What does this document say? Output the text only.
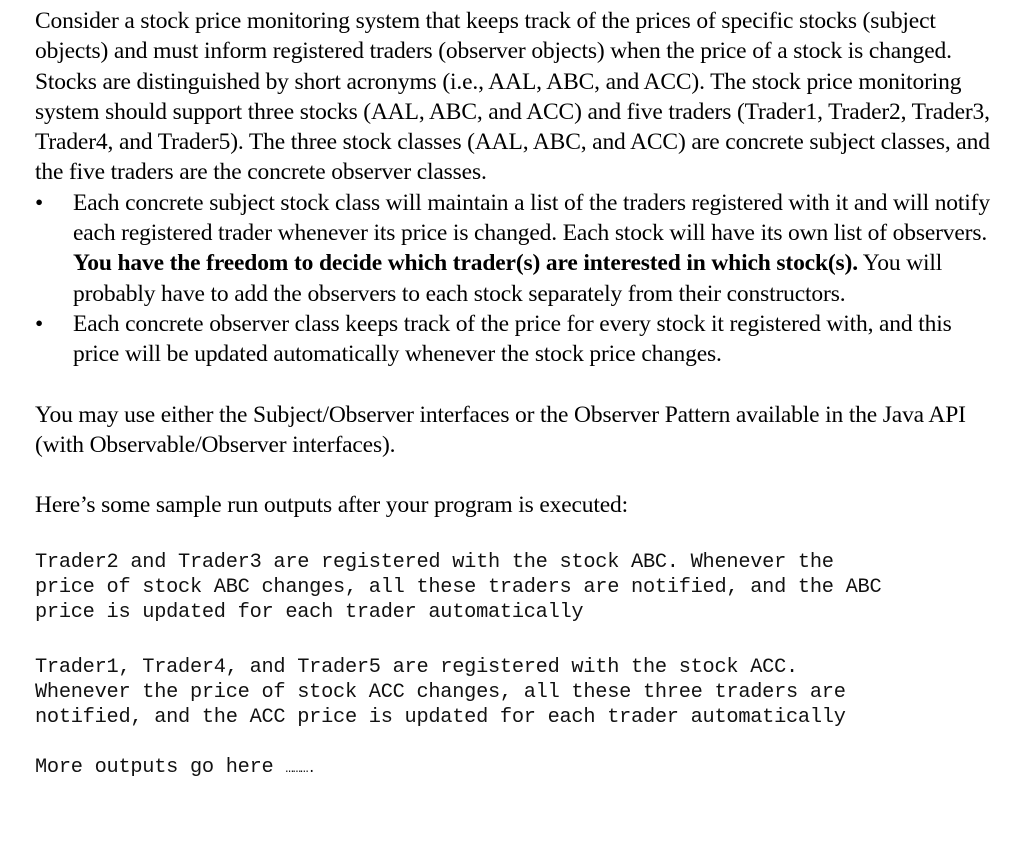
Consider a stock price monitoring system that keeps track of the prices of specific stocks (subject objects) and must inform registered traders (observer objects) when the price of a stock is changed. Stocks are distinguished by short acronyms (i.e., AAL, ABC, and ACC). The stock price monitoring system should support three stocks (AAL, ABC, and ACC) and five traders (Trader1, Trader2, Trader3, Trader4, and Trader5). The three stock classes (AAL, ABC, and ACC) are concrete subject classes, and the five traders are the concrete observer classes.

•	Each concrete subject stock class will maintain a list of the traders registered with it and will notify each registered trader whenever its price is changed. Each stock will have its own list of observers. You have the freedom to decide which trader(s) are interested in which stock(s). You will probably have to add the observers to each stock separately from their constructors.
•	Each concrete observer class keeps track of the price for every stock it registered with, and this price will be updated automatically whenever the stock price changes.

You may use either the Subject/Observer interfaces or the Observer Pattern available in the Java API (with Observable/Observer interfaces).

Here’s some sample run outputs after your program is executed:

Trader2 and Trader3 are registered with the stock ABC. Whenever the
price of stock ABC changes, all these traders are notified, and the ABC
price is updated for each trader automatically
Trader1, Trader4, and Trader5 are registered with the stock ACC.
Whenever the price of stock ACC changes, all these three traders are
notified, and the ACC price is updated for each trader automatically
More outputs go here ……….
